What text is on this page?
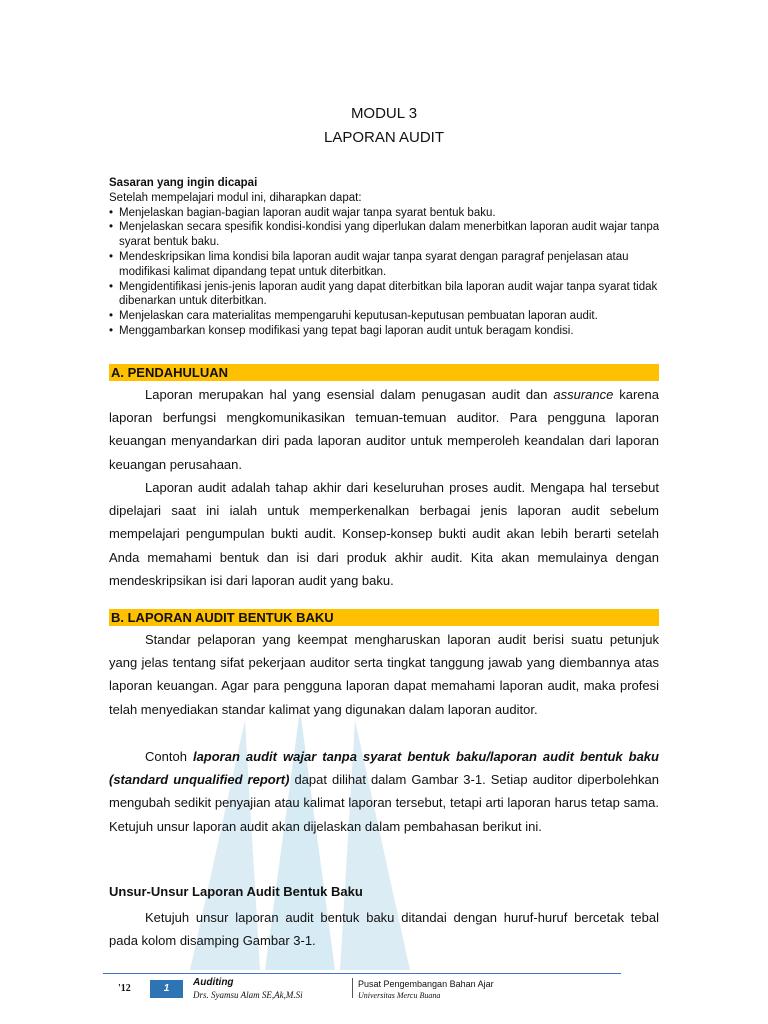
MODUL 3
LAPORAN AUDIT
Sasaran yang ingin dicapai
Setelah mempelajari modul ini, diharapkan dapat:
• Menjelaskan bagian-bagian laporan audit wajar tanpa syarat bentuk baku.
• Menjelaskan secara spesifik kondisi-kondisi yang diperlukan dalam menerbitkan laporan audit wajar tanpa syarat bentuk baku.
• Mendeskripsikan lima kondisi bila laporan audit wajar tanpa syarat dengan paragraf penjelasan atau modifikasi kalimat dipandang tepat untuk diterbitkan.
• Mengidentifikasi jenis-jenis laporan audit yang dapat diterbitkan bila laporan audit wajar tanpa syarat tidak dibenarkan untuk diterbitkan.
• Menjelaskan cara materialitas mempengaruhi keputusan-keputusan pembuatan laporan audit.
• Menggambarkan konsep modifikasi yang tepat bagi laporan audit untuk beragam kondisi.
A. PENDAHULUAN
Laporan merupakan hal yang esensial dalam penugasan audit dan assurance karena laporan berfungsi mengkomunikasikan temuan-temuan auditor. Para pengguna laporan keuangan menyandarkan diri pada laporan auditor untuk memperoleh keandalan dari laporan keuangan perusahaan.
Laporan audit adalah tahap akhir dari keseluruhan proses audit. Mengapa hal tersebut dipelajari saat ini ialah untuk memperkenalkan berbagai jenis laporan audit sebelum mempelajari pengumpulan bukti audit. Konsep-konsep bukti audit akan lebih berarti setelah Anda memahami bentuk dan isi dari produk akhir audit. Kita akan memulainya dengan mendeskripsikan isi dari laporan audit yang baku.
B. LAPORAN AUDIT BENTUK BAKU
Standar pelaporan yang keempat mengharuskan laporan audit berisi suatu petunjuk yang jelas tentang sifat pekerjaan auditor serta tingkat tanggung jawab yang diembannya atas laporan keuangan. Agar para pengguna laporan dapat memahami laporan audit, maka profesi telah menyediakan standar kalimat yang digunakan dalam laporan auditor.
Contoh laporan audit wajar tanpa syarat bentuk baku/laporan audit bentuk baku (standard unqualified report) dapat dilihat dalam Gambar 3-1. Setiap auditor diperbolehkan mengubah sedikit penyajian atau kalimat laporan tersebut, tetapi arti laporan harus tetap sama. Ketujuh unsur laporan audit akan dijelaskan dalam pembahasan berikut ini.
Unsur-Unsur Laporan Audit Bentuk Baku
Ketujuh unsur laporan audit bentuk baku ditandai dengan huruf-huruf bercetak tebal pada kolom disamping Gambar 3-1.
'12	1
Auditing
Drs. Syamsu Alam SE,Ak,M.Si
Pusat Pengembangan Bahan Ajar
Universitas Mercu Buana
